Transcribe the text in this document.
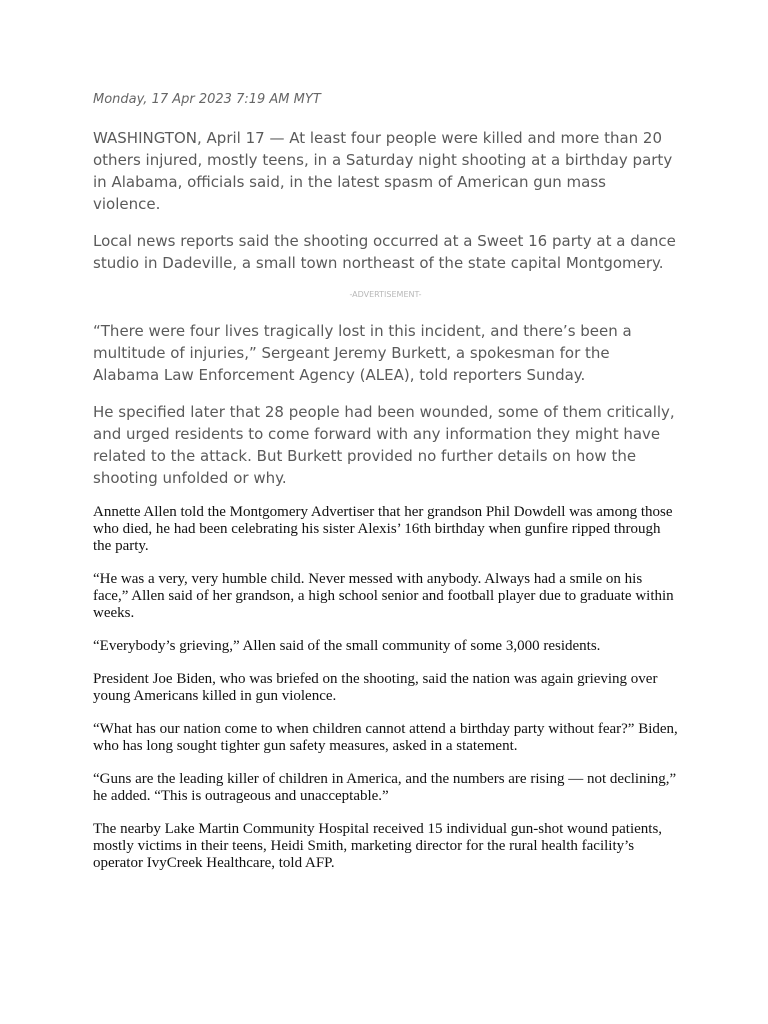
Monday, 17 Apr 2023 7:19 AM MYT

WASHINGTON, April 17 — At least four people were killed and more than 20 others injured, mostly teens, in a Saturday night shooting at a birthday party in Alabama, officials said, in the latest spasm of American gun mass violence.

Local news reports said the shooting occurred at a Sweet 16 party at a dance studio in Dadeville, a small town northeast of the state capital Montgomery.

-ADVERTISEMENT-

“There were four lives tragically lost in this incident, and there’s been a multitude of injuries,” Sergeant Jeremy Burkett, a spokesman for the Alabama Law Enforcement Agency (ALEA), told reporters Sunday.

He specified later that 28 people had been wounded, some of them critically, and urged residents to come forward with any information they might have related to the attack. But Burkett provided no further details on how the shooting unfolded or why.

Annette Allen told the Montgomery Advertiser that her grandson Phil Dowdell was among those who died, he had been celebrating his sister Alexis’ 16th birthday when gunfire ripped through the party.

“He was a very, very humble child. Never messed with anybody. Always had a smile on his face,” Allen said of her grandson, a high school senior and football player due to graduate within weeks.

“Everybody’s grieving,” Allen said of the small community of some 3,000 residents.

President Joe Biden, who was briefed on the shooting, said the nation was again grieving over young Americans killed in gun violence.

“What has our nation come to when children cannot attend a birthday party without fear?” Biden, who has long sought tighter gun safety measures, asked in a statement.

“Guns are the leading killer of children in America, and the numbers are rising — not declining,” he added. “This is outrageous and unacceptable.”

The nearby Lake Martin Community Hospital received 15 individual gun-shot wound patients, mostly victims in their teens, Heidi Smith, marketing director for the rural health facility’s operator IvyCreek Healthcare, told AFP.
